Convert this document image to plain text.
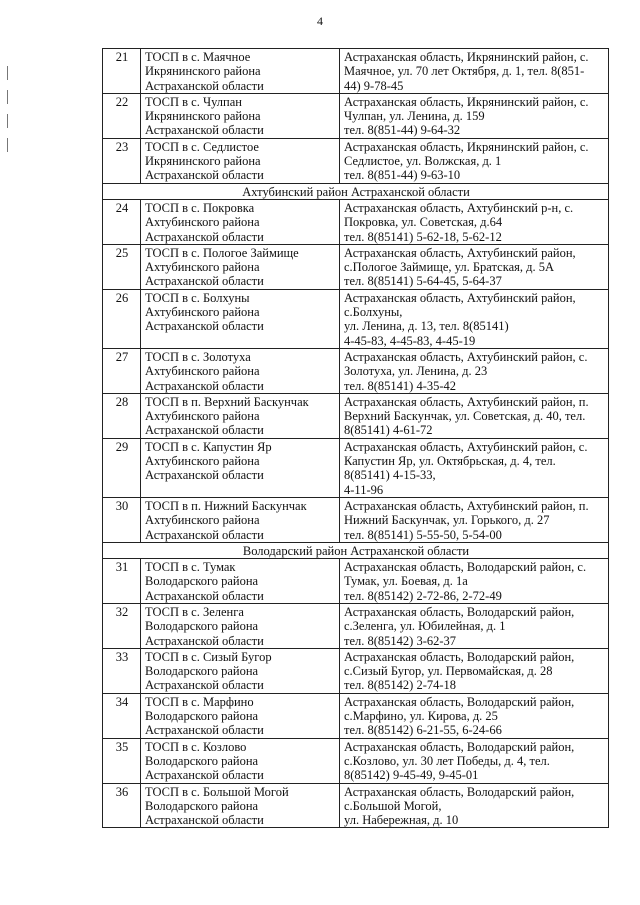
4
21	ТОСП в с. Маячное
Икрянинского района
Астраханской области	Астраханская область, Икрянинский район, с.
Маячное, ул. 70 лет Октября, д. 1, тел. 8(851-
44) 9-78-45
22	ТОСП в с. Чулпан
Икрянинского района
Астраханской области	Астраханская область, Икрянинский район, с.
Чулпан, ул. Ленина, д. 159
тел. 8(851-44) 9-64-32
23	ТОСП в с. Седлистое
Икрянинского района
Астраханской области	Астраханская область, Икрянинский район, с.
Седлистое, ул. Волжская, д. 1
тел. 8(851-44) 9-63-10
Ахтубинский район Астраханской области		
24	ТОСП в с. Покровка
Ахтубинского района
Астраханской области	Астраханская область, Ахтубинский р-н, с.
Покровка, ул. Советская, д.64
тел. 8(85141) 5-62-18, 5-62-12
25	ТОСП в с. Пологое Займище
Ахтубинского района
Астраханской области	Астраханская область, Ахтубинский район,
с.Пологое Займище, ул. Братская, д. 5А
тел. 8(85141) 5-64-45, 5-64-37
26	ТОСП в с. Болхуны
Ахтубинского района
Астраханской области	Астраханская область, Ахтубинский район,
с.Болхуны,
ул. Ленина, д. 13, тел. 8(85141)
4-45-83, 4-45-83, 4-45-19
27	ТОСП в с. Золотуха
Ахтубинского района
Астраханской области	Астраханская область, Ахтубинский район, с.
Золотуха, ул. Ленина, д. 23
тел. 8(85141) 4-35-42
28	ТОСП в п. Верхний Баскунчак
Ахтубинского района
Астраханской области	Астраханская область, Ахтубинский район, п.
Верхний Баскунчак, ул. Советская, д. 40, тел.
8(85141) 4-61-72
29	ТОСП в с. Капустин Яр
Ахтубинского района
Астраханской области	Астраханская область, Ахтубинский район, с.
Капустин Яр, ул. Октябрьская, д. 4, тел.
8(85141) 4-15-33,
4-11-96
30	ТОСП в п. Нижний Баскунчак
Ахтубинского района
Астраханской области	Астраханская область, Ахтубинский район, п.
Нижний Баскунчак, ул. Горького, д. 27
тел. 8(85141) 5-55-50, 5-54-00
Володарский район Астраханской области		
31	ТОСП в с. Тумак
Володарского района
Астраханской области	Астраханская область, Володарский район, с.
Тумак, ул. Боевая, д. 1а
тел. 8(85142) 2-72-86, 2-72-49
32	ТОСП в с. Зеленга
Володарского района
Астраханской области	Астраханская область, Володарский район,
с.Зеленга, ул. Юбилейная, д. 1
тел. 8(85142) 3-62-37
33	ТОСП в с. Сизый Бугор
Володарского района
Астраханской области	Астраханская область, Володарский район,
с.Сизый Бугор, ул. Первомайская, д. 28
тел. 8(85142) 2-74-18
34	ТОСП в с. Марфино
Володарского района
Астраханской области	Астраханская область, Володарский район,
с.Марфино, ул. Кирова, д. 25
тел. 8(85142) 6-21-55, 6-24-66
35	ТОСП в с. Козлово
Володарского района
Астраханской области	Астраханская область, Володарский район,
с.Козлово, ул. 30 лет Победы, д. 4, тел.
8(85142) 9-45-49, 9-45-01
36	ТОСП в с. Большой Могой
Володарского района
Астраханской области	Астраханская область, Володарский район,
с.Большой Могой,
ул. Набережная, д. 10
